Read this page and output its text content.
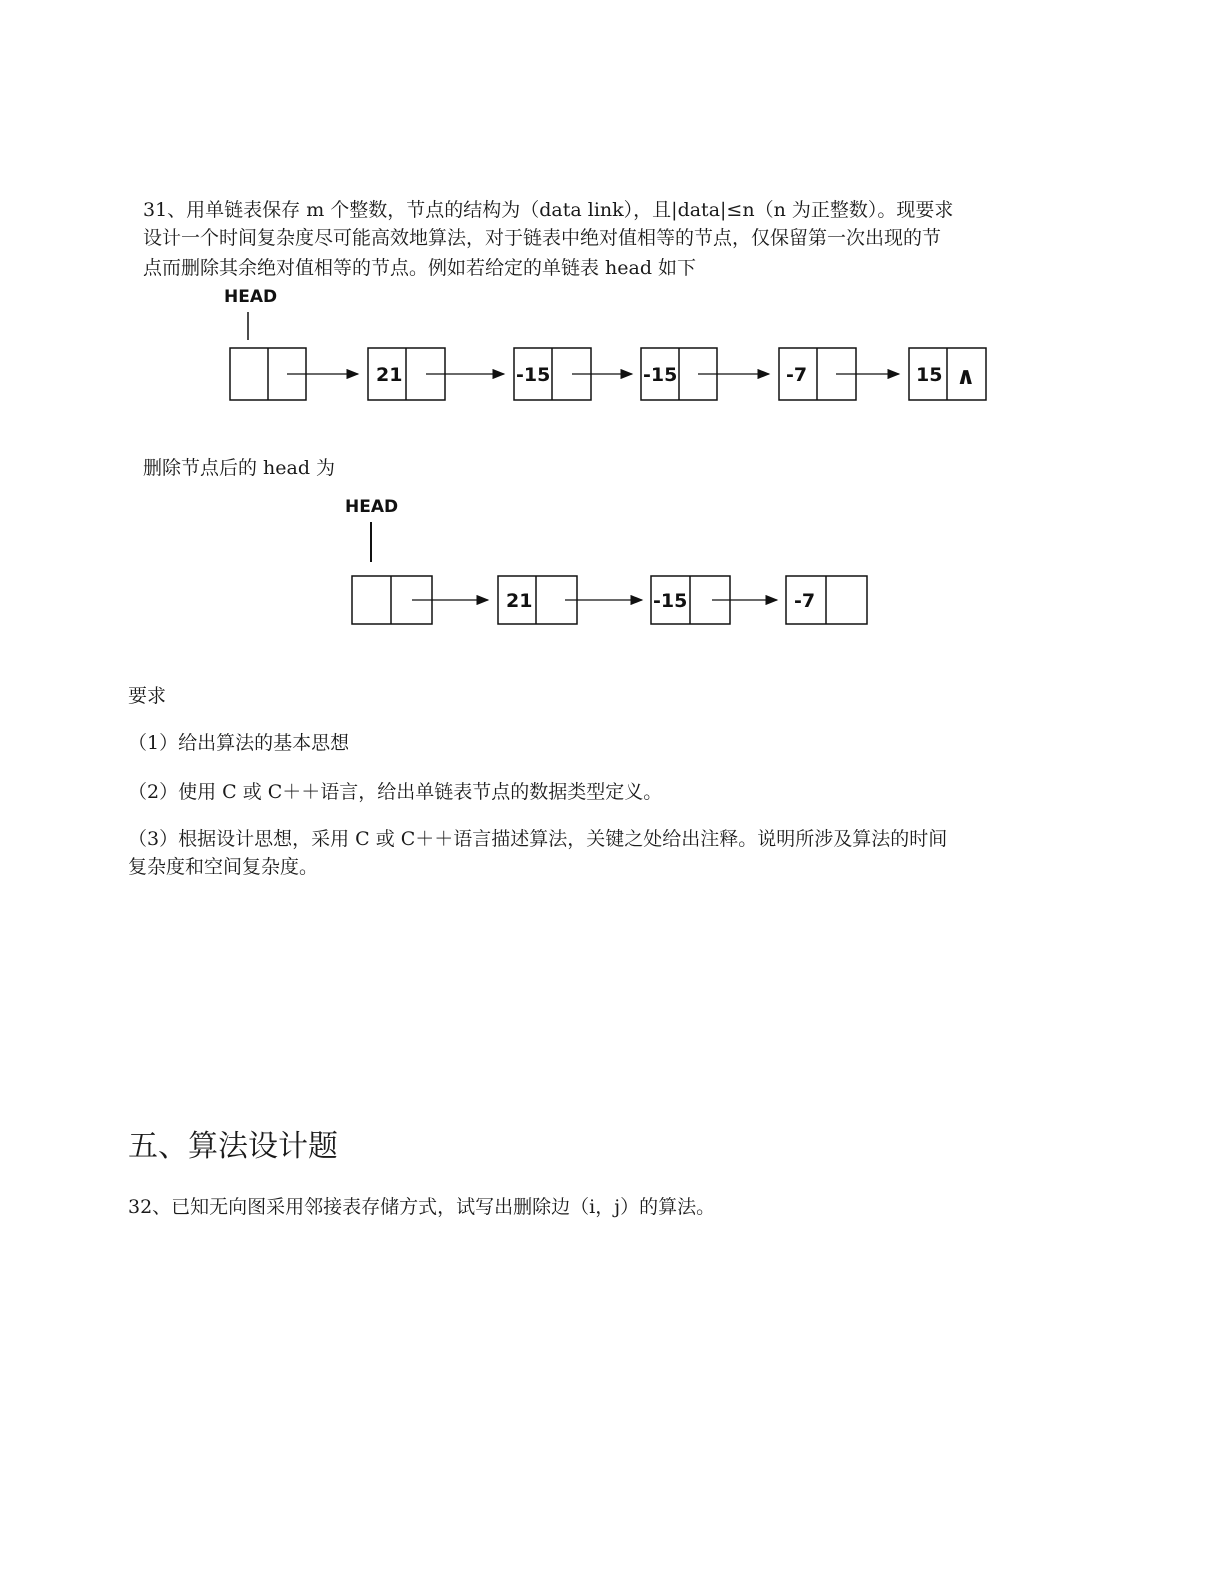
31、用单链表保存 m 个整数，节点的结构为（data link），且|data|≤n（n 为正整数）。现要求
设计一个时间复杂度尽可能高效地算法，对于链表中绝对值相等的节点，仅保留第一次出现的节
点而删除其余绝对值相等的节点。例如若给定的单链表 head 如下
HEAD
21	-15	-15	-7	15 ∧
删除节点后的 head 为
HEAD
21	-15	-7
要求
（1）给出算法的基本思想
（2）使用 C 或 C＋＋语言，给出单链表节点的数据类型定义。
（3）根据设计思想，采用 C 或 C＋＋语言描述算法，关键之处给出注释。说明所涉及算法的时间
复杂度和空间复杂度。
五、算法设计题
32、已知无向图采用邻接表存储方式，试写出删除边（i，j）的算法。
